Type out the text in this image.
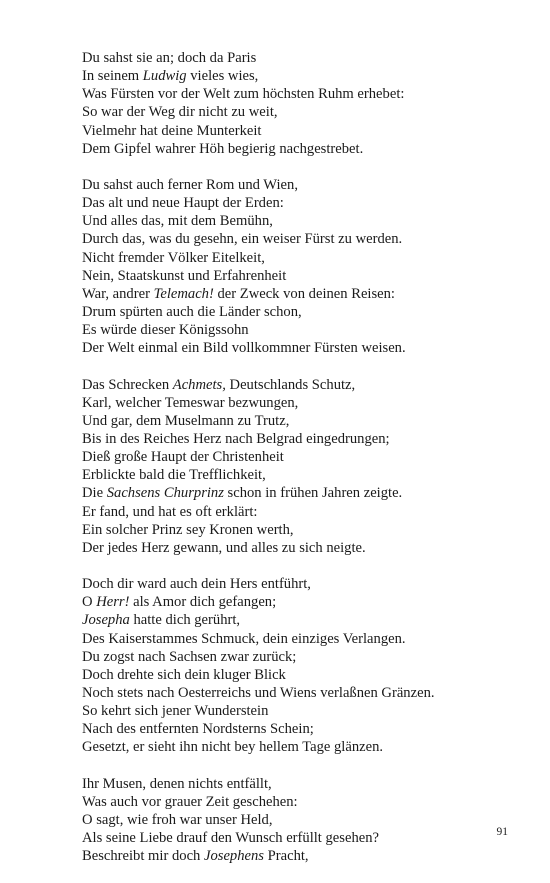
Du sahst sie an; doch da Paris
In seinem Ludwig vieles wies,
Was Fürsten vor der Welt zum höchsten Ruhm erhebet:
So war der Weg dir nicht zu weit,
Vielmehr hat deine Munterkeit
Dem Gipfel wahrer Höh begierig nachgestrebet.
Du sahst auch ferner Rom und Wien,
Das alt und neue Haupt der Erden:
Und alles das, mit dem Bemühn,
Durch das, was du gesehn, ein weiser Fürst zu werden.
Nicht fremder Völker Eitelkeit,
Nein, Staatskunst und Erfahrenheit
War, andrer Telemach! der Zweck von deinen Reisen:
Drum spürten auch die Länder schon,
Es würde dieser Königssohn
Der Welt einmal ein Bild vollkommner Fürsten weisen.
Das Schrecken Achmets, Deutschlands Schutz,
Karl, welcher Temeswar bezwungen,
Und gar, dem Muselmann zu Trutz,
Bis in des Reiches Herz nach Belgrad eingedrungen;
Dieß große Haupt der Christenheit
Erblickte bald die Trefflichkeit,
Die Sachsens Churprinz schon in frühen Jahren zeigte.
Er fand, und hat es oft erklärt:
Ein solcher Prinz sey Kronen werth,
Der jedes Herz gewann, und alles zu sich neigte.
Doch dir ward auch dein Hers entführt,
O Herr! als Amor dich gefangen;
Josepha hatte dich gerührt,
Des Kaiserstammes Schmuck, dein einziges Verlangen.
Du zogst nach Sachsen zwar zurück;
Doch drehte sich dein kluger Blick
Noch stets nach Oesterreichs und Wiens verlaßnen Gränzen.
So kehrt sich jener Wunderstein
Nach des entfernten Nordsterns Schein;
Gesetzt, er sieht ihn nicht bey hellem Tage glänzen.
Ihr Musen, denen nichts entfällt,
Was auch vor grauer Zeit geschehen:
O sagt, wie froh war unser Held,
Als seine Liebe drauf den Wunsch erfüllt gesehen?
Beschreibt mir doch Josephens Pracht,
91
